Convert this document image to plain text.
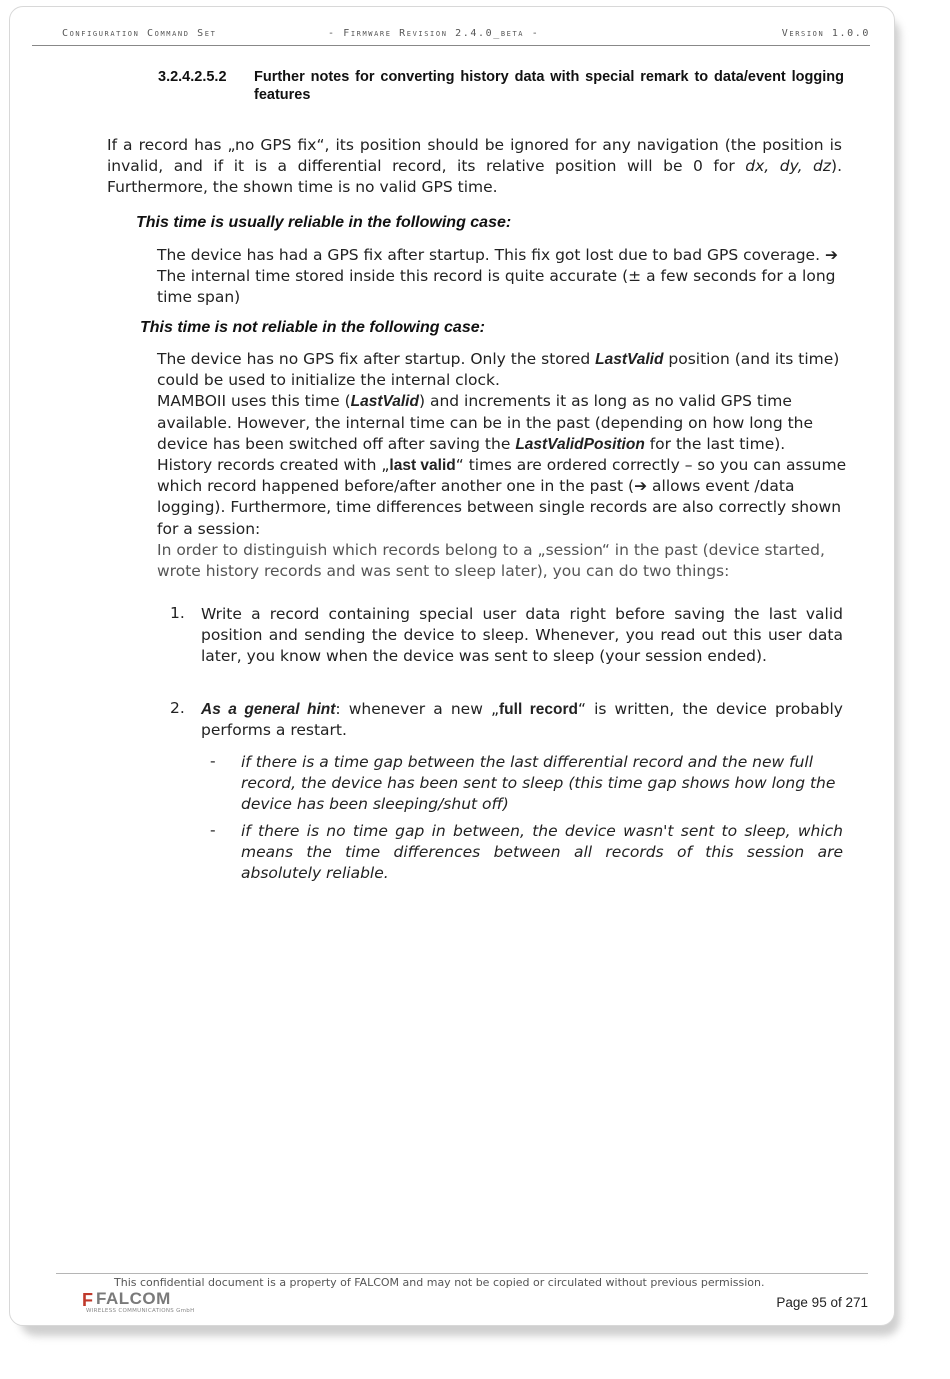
Configuration Command Set	- Firmware Revision 2.4.0_beta -	Version 1.0.0
3.2.4.2.5.2 Further notes for converting history data with special remark to data/event logging features
If a record has „no GPS fix“, its position should be ignored for any navigation (the position is invalid, and if it is a differential record, its relative position will be 0 for dx, dy, dz). Furthermore, the shown time is no valid GPS time.
This time is usually reliable in the following case:
The device has had a GPS fix after startup. This fix got lost due to bad GPS coverage. ➔ The internal time stored inside this record is quite accurate (± a few seconds for a long time span)
This time is not reliable in the following case:
The device has no GPS fix after startup. Only the stored LastValid position (and its time) could be used to initialize the internal clock.
MAMBOII uses this time (LastValid) and increments it as long as no valid GPS time available. However, the internal time can be in the past (depending on how long the device has been switched off after saving the LastValidPosition for the last time).
History records created with „last valid“ times are ordered correctly – so you can assume which record happened before/after another one in the past (➔ allows event /data logging). Furthermore, time differences between single records are also correctly shown for a session:
In order to distinguish which records belong to a „session“ in the past (device started, wrote history records and was sent to sleep later), you can do two things:
1. Write a record containing special user data right before saving the last valid position and sending the device to sleep. Whenever, you read out this user data later, you know when the device was sent to sleep (your session ended).
2. As a general hint: whenever a new „full record“ is written, the device probably performs a restart.
- if there is a time gap between the last differential record and the new full record, the device has been sent to sleep (this time gap shows how long the device has been sleeping/shut off)
- if there is no time gap in between, the device wasn't sent to sleep, which means the time differences between all records of this session are absolutely reliable.
This confidential document is a property of FALCOM and may not be copied or circulated without previous permission.
F FALCOM
WIRELESS COMMUNICATIONS GmbH
Page 95 of 271
